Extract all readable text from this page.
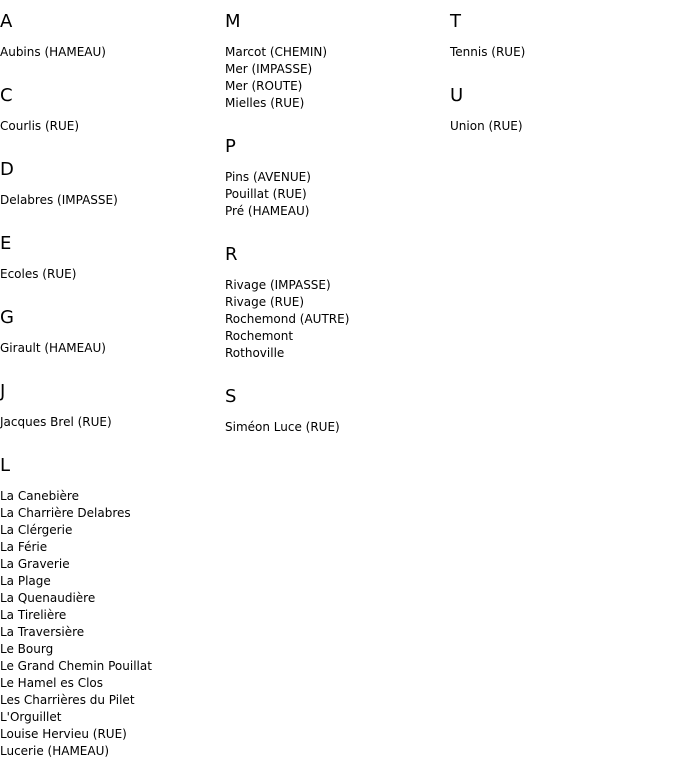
A
Aubins (HAMEAU)
C
Courlis (RUE)
D
Delabres (IMPASSE)
E
Ecoles (RUE)
G
Girault (HAMEAU)
J
Jacques Brel (RUE)
L
La Canebière
La Charrière Delabres
La Clérgerie
La Férie
La Graverie
La Plage
La Quenaudière
La Tirelière
La Traversière
Le Bourg
Le Grand Chemin Pouillat
Le Hamel es Clos
Les Charrières du Pilet
L'Orguillet
Louise Hervieu (RUE)
Lucerie (HAMEAU)
M
Marcot (CHEMIN)
Mer (IMPASSE)
Mer (ROUTE)
Mielles (RUE)
P
Pins (AVENUE)
Pouillat (RUE)
Pré (HAMEAU)
R
Rivage (IMPASSE)
Rivage (RUE)
Rochemond (AUTRE)
Rochemont
Rothoville
S
Siméon Luce (RUE)
T
Tennis (RUE)
U
Union (RUE)
